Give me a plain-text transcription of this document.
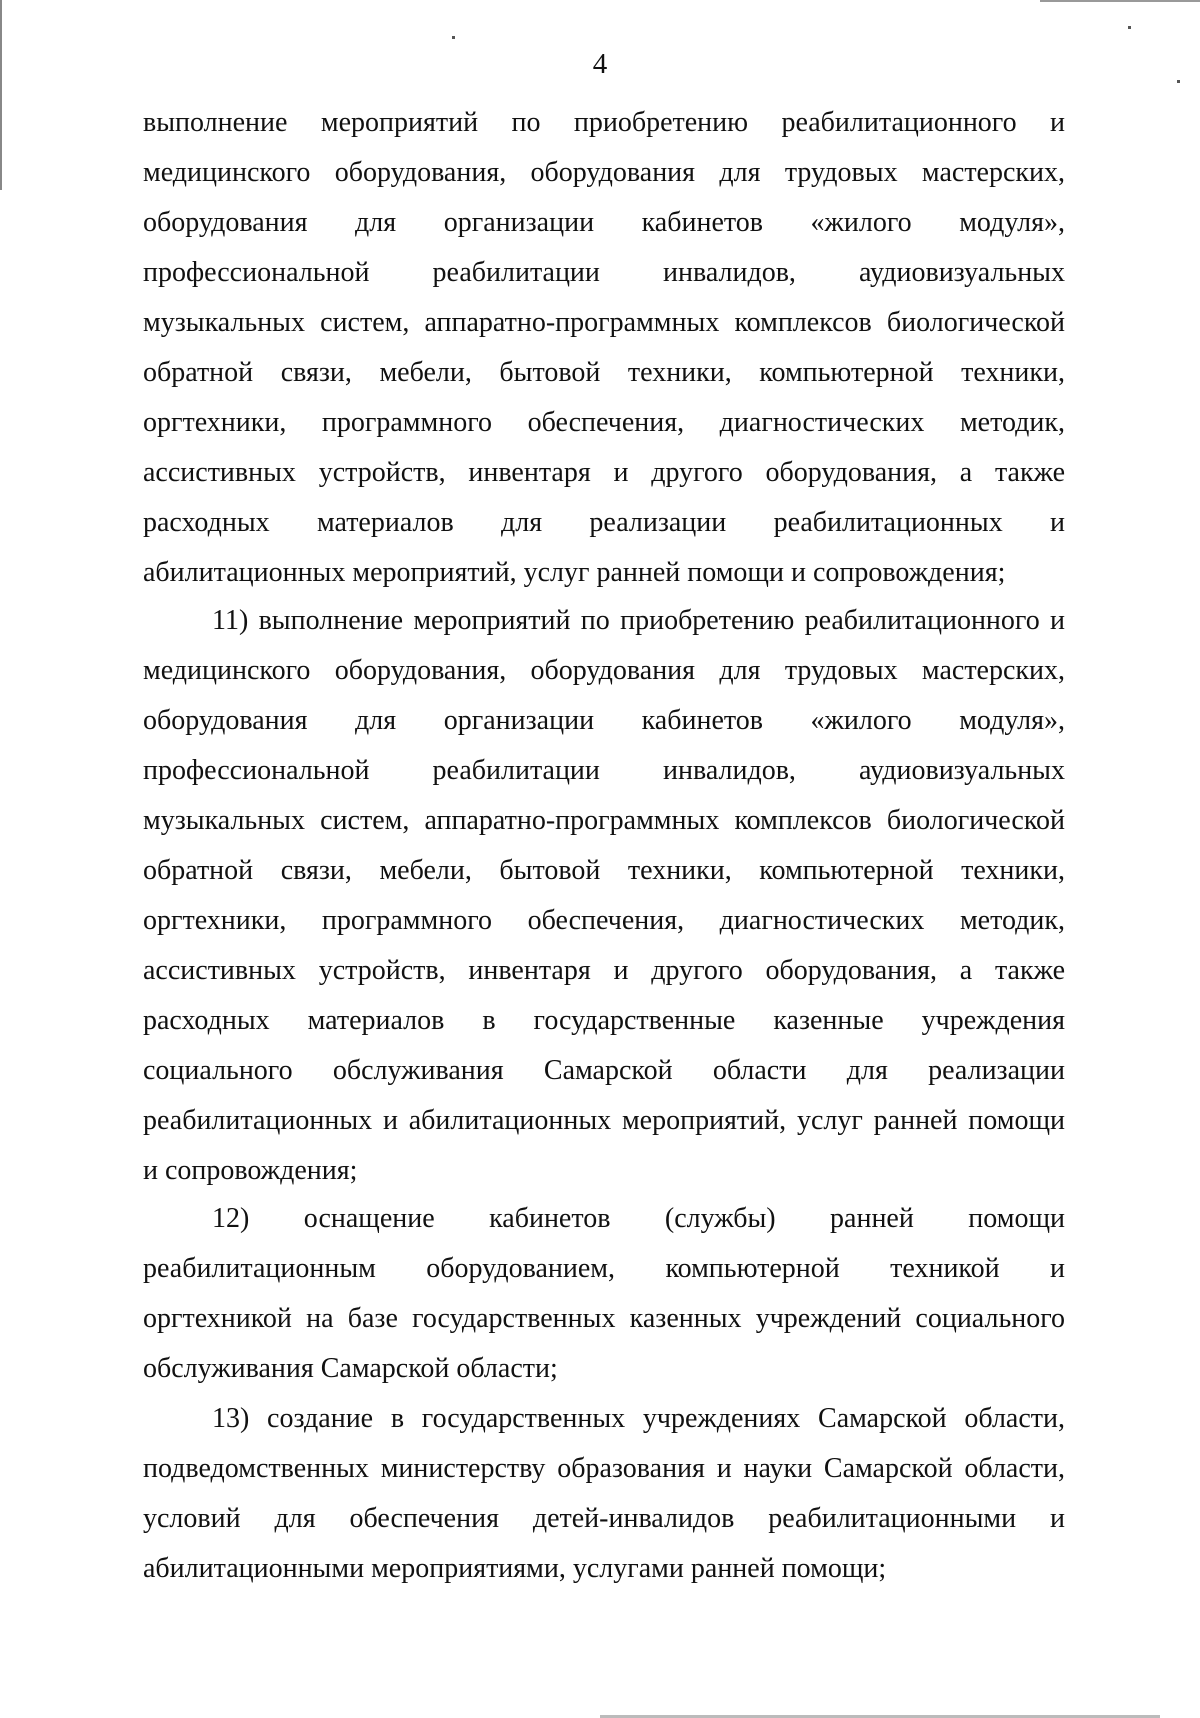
4
выполнение мероприятий по приобретению реабилитационного и
медицинского оборудования, оборудования для трудовых мастерских,
оборудования для организации кабинетов «жилого модуля»,
профессиональной реабилитации инвалидов, аудиовизуальных
музыкальных систем, аппаратно-программных комплексов биологической
обратной связи, мебели, бытовой техники, компьютерной техники,
оргтехники, программного обеспечения, диагностических методик,
ассистивных устройств, инвентаря и другого оборудования, а также
расходных материалов для реализации реабилитационных и
абилитационных мероприятий, услуг ранней помощи и сопровождения;
11) выполнение мероприятий по приобретению реабилитационного и
медицинского оборудования, оборудования для трудовых мастерских,
оборудования для организации кабинетов «жилого модуля»,
профессиональной реабилитации инвалидов, аудиовизуальных
музыкальных систем, аппаратно-программных комплексов биологической
обратной связи, мебели, бытовой техники, компьютерной техники,
оргтехники, программного обеспечения, диагностических методик,
ассистивных устройств, инвентаря и другого оборудования, а также
расходных материалов в государственные казенные учреждения
социального обслуживания Самарской области для реализации
реабилитационных и абилитационных мероприятий, услуг ранней помощи
и сопровождения;
12) оснащение кабинетов (службы) ранней помощи
реабилитационным оборудованием, компьютерной техникой и
оргтехникой на базе государственных казенных учреждений социального
обслуживания Самарской области;
13) создание в государственных учреждениях Самарской области,
подведомственных министерству образования и науки Самарской области,
условий для обеспечения детей-инвалидов реабилитационными и
абилитационными мероприятиями, услугами ранней помощи;
